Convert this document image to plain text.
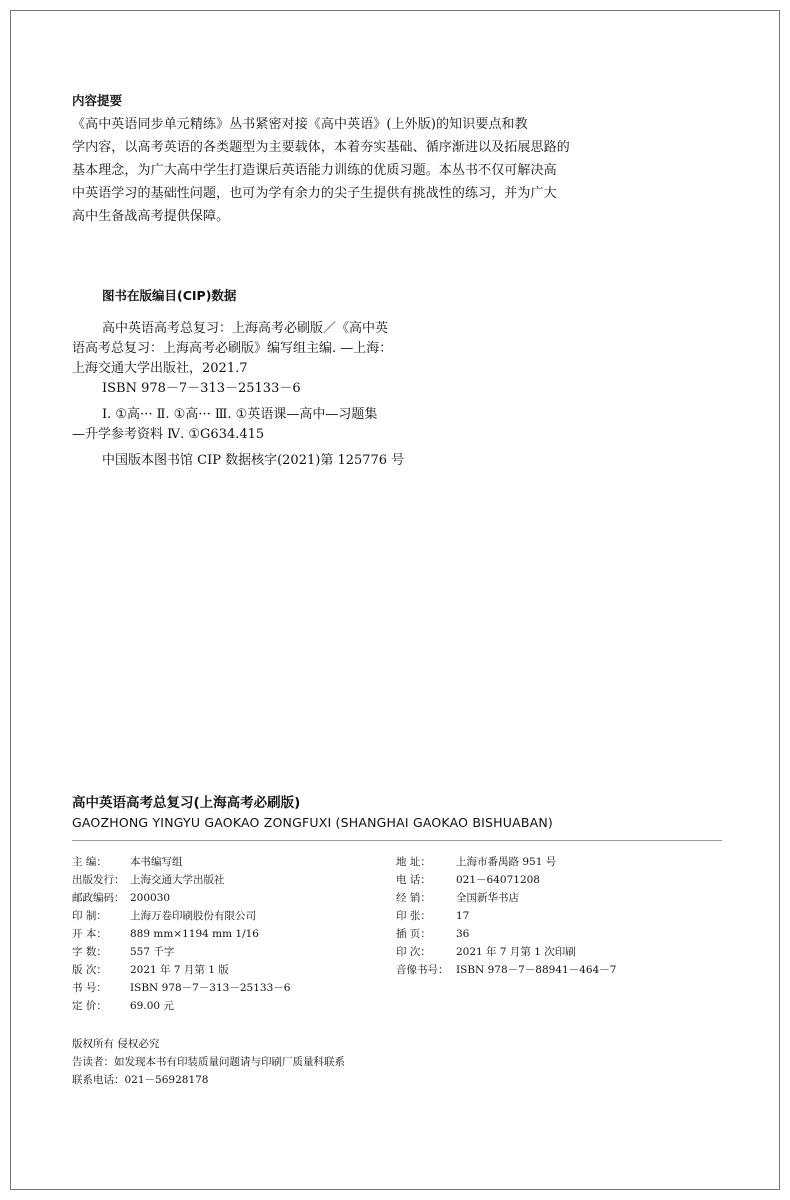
内容提要
《高中英语同步单元精练》丛书紧密对接《高中英语》(上外版)的知识要点和教
学内容，以高考英语的各类题型为主要载体，本着夯实基础、循序渐进以及拓展思路的
基本理念，为广大高中学生打造课后英语能力训练的优质习题。本丛书不仅可解决高
中英语学习的基础性问题，也可为学有余力的尖子生提供有挑战性的练习，并为广大
高中生备战高考提供保障。
图书在版编目(CIP)数据
高中英语高考总复习：上海高考必刷版／《高中英
语高考总复习：上海高考必刷版》编写组主编. —上海：
上海交通大学出版社，2021.7
ISBN 978－7－313－25133－6
Ⅰ. ①高··· Ⅱ. ①高··· Ⅲ. ①英语课—高中—习题集
—升学参考资料 Ⅳ. ①G634.415
中国版本图书馆 CIP 数据核字(2021)第 125776 号
高中英语高考总复习(上海高考必刷版)
GAOZHONG YINGYU GAOKAO ZONGFUXI (SHANGHAI GAOKAO BISHUABAN)
主 编： 本书编写组
出版发行： 上海交通大学出版社
邮政编码： 200030
印 制： 上海万卷印刷股份有限公司
开 本： 889 mm×1194 mm 1/16
字 数： 557 千字
版 次： 2021 年 7 月第 1 版
书 号： ISBN 978－7－313－25133－6
定 价： 69.00 元
地 址： 上海市番禺路 951 号
电 话： 021－64071208
经 销： 全国新华书店
印 张： 17
插 页： 36
印 次： 2021 年 7 月第 1 次印刷
音像书号： ISBN 978－7－88941－464－7
版权所有 侵权必究
告读者：如发现本书有印装质量问题请与印刷厂质量科联系
联系电话：021－56928178
